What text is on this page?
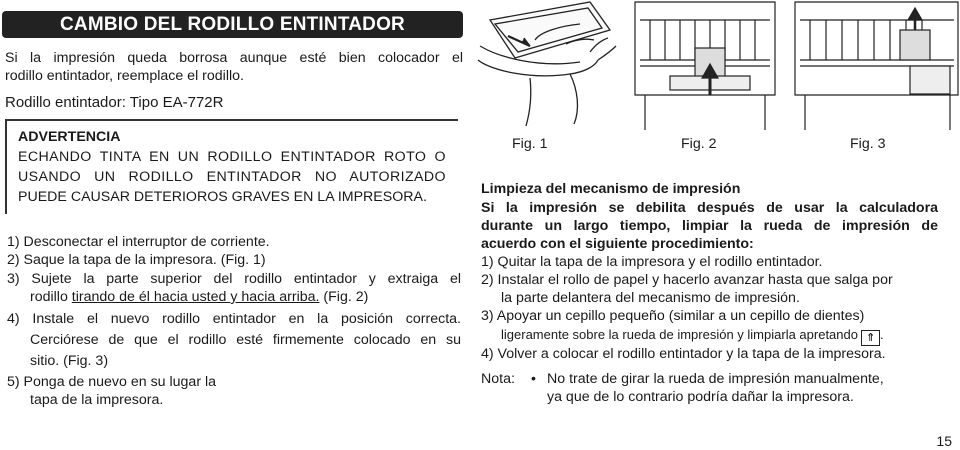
CAMBIO DEL RODILLO ENTINTADOR
Si la impresión queda borrosa aunque esté bien colocador el
rodillo entintador, reemplace el rodillo.
Rodillo entintador: Tipo EA-772R
ADVERTENCIA
ECHANDO TINTA EN UN RODILLO ENTINTADOR ROTO O
USANDO UN RODILLO ENTINTADOR NO AUTORIZADO
PUEDE CAUSAR DETERIOROS GRAVES EN LA IMPRESORA.
1) Desconectar el interruptor de corriente.
2) Saque la tapa de la impresora. (Fig. 1)
3) Sujete la parte superior del rodillo entintador y extraiga el
rodillo tirando de él hacia usted y hacia arriba. (Fig. 2)
4) Instale el nuevo rodillo entintador en la posición correcta.
Cerciórese de que el rodillo esté firmemente colocado en su
sitio. (Fig. 3)
5) Ponga de nuevo en su lugar la
tapa de la impresora.
Fig. 1	Fig. 2	Fig. 3
Limpieza del mecanismo de impresión
Si la impresión se debilita después de usar la calculadora
durante un largo tiempo, limpiar la rueda de impresión de
acuerdo con el siguiente procedimiento:
1) Quitar la tapa de la impresora y el rodillo entintador.
2) Instalar el rollo de papel y hacerlo avanzar hasta que salga por
la parte delantera del mecanismo de impresión.
3) Apoyar un cepillo pequeño (similar a un cepillo de dientes)
ligeramente sobre la rueda de impresión y limpiarla apretando ⇑ .
4) Volver a colocar el rodillo entintador y la tapa de la impresora.
Nota: • No trate de girar la rueda de impresión manualmente,
ya que de lo contrario podría dañar la impresora.
15
